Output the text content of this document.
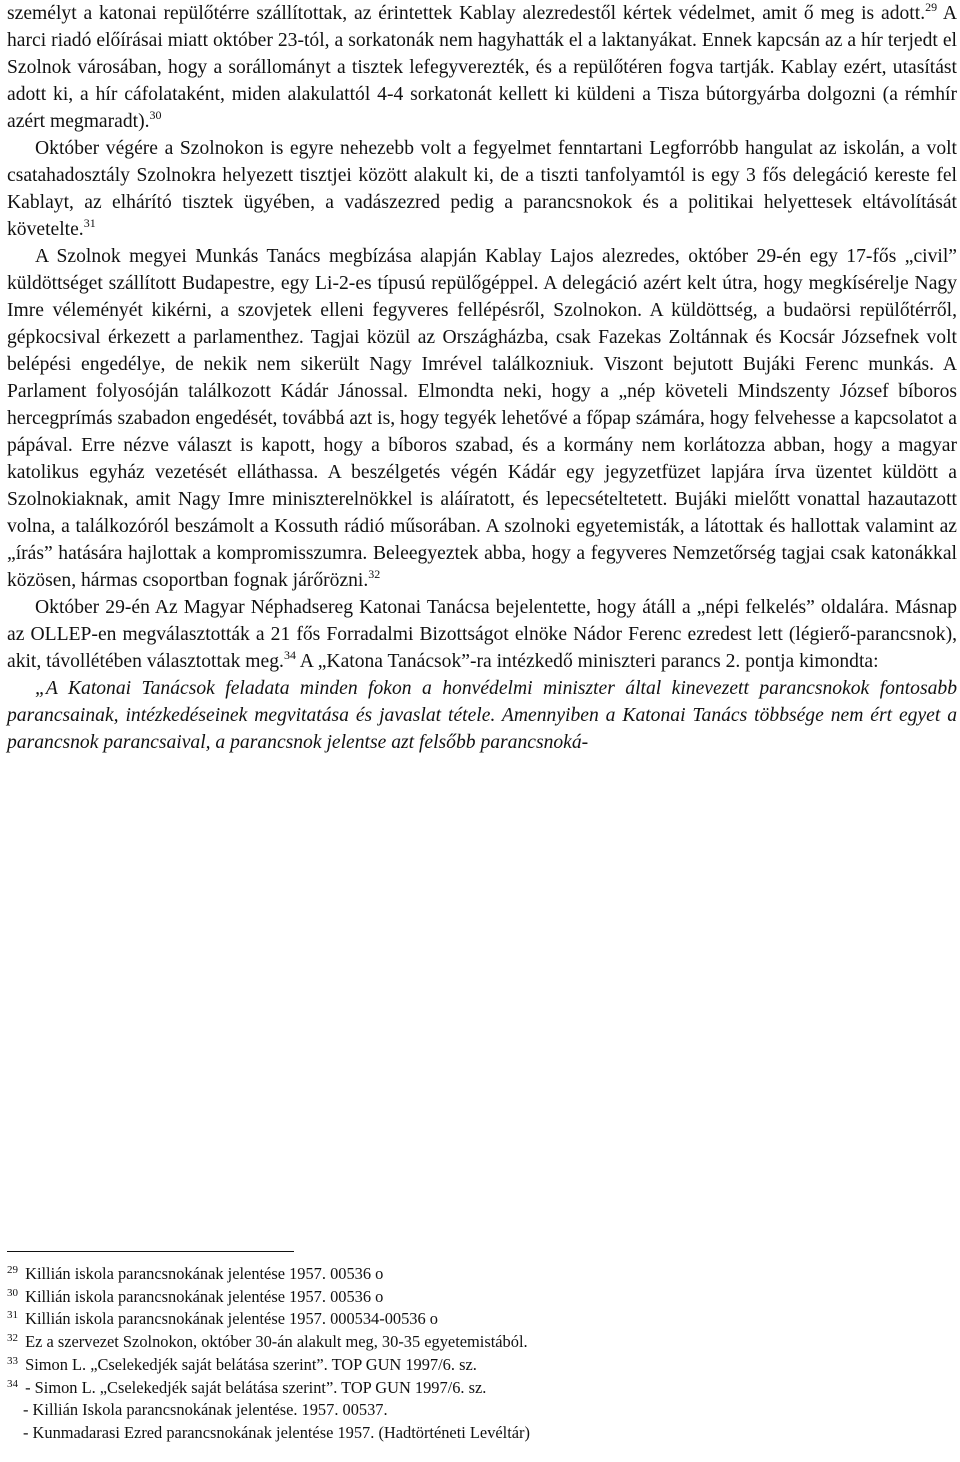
személyt a katonai repülőtérre szállítottak, az érintettek Kablay alezredestől kértek védelmet, amit ő meg is adott.$^{29}$ A harci riadó előírásai miatt október 23-tól, a sorkatonák nem hagyhatták el a laktanyákat. Ennek kapcsán az a hír terjedt el Szolnok városában, hogy a sorállományt a tisztek lefegyverezték, és a repülőtéren fogva tartják. Kablay ezért, utasítást adott ki, a hír cáfolataként, miden alakulattól 4-4 sorkatonát kellett ki küldeni a Tisza bútorgyárba dolgozni (a rémhír azért megmaradt).$^{30}$

Október végére a Szolnokon is egyre nehezebb volt a fegyelmet fenntartani Legforróbb hangulat az iskolán, a volt csatahadosztály Szolnokra helyezett tisztjei között alakult ki, de a tiszti tanfolyamtól is egy 3 fős delegáció kereste fel Kablayt, az elhárító tisztek ügyében, a vadászezred pedig a parancsnokok és a politikai helyettesek eltávolítását követelte.$^{31}$

A Szolnok megyei Munkás Tanács megbízása alapján Kablay Lajos alezredes, október 29-én egy 17-fős „civil” küldöttséget szállított Budapestre, egy Li-2-es típusú repülőgéppel. A delegáció azért kelt útra, hogy megkísérelje Nagy Imre véleményét kikérni, a szovjetek elleni fegyveres fellépésről, Szolnokon. A küldöttség, a budaörsi repülőtérről, gépkocsival érkezett a parlamenthez. Tagjai közül az Országházba, csak Fazekas Zoltánnak és Kocsár Józsefnek volt belépési engedélye, de nekik nem sikerült Nagy Imrével találkozniuk. Viszont bejutott Bujáki Ferenc munkás. A Parlament folyosóján találkozott Kádár Jánossal. Elmondta neki, hogy a „nép követeli Mindszenty József bíboros hercegprímás szabadon engedését, továbbá azt is, hogy tegyék lehetővé a főpap számára, hogy felvehesse a kapcsolatot a pápával. Erre nézve választ is kapott, hogy a bíboros szabad, és a kormány nem korlátozza abban, hogy a magyar katolikus egyház vezetését elláthassa. A beszélgetés végén Kádár egy jegyzetfüzet lapjára írva üzentet küldött a Szolnokiaknak, amit Nagy Imre miniszterelnökkel is aláíratott, és lepecsételtetett. Bujáki mielőtt vonattal hazautazott volna, a találkozóról beszámolt a Kossuth rádió műsorában. A szolnoki egyetemisták, a látottak és hallottak valamint az „írás” hatására hajlottak a kompromisszumra. Beleegyeztek abba, hogy a fegyveres Nemzetőrség tagjai csak katonákkal közösen, hármas csoportban fognak járőrözni.$^{32}$

Október 29-én Az Magyar Néphadsereg Katonai Tanácsa bejelentette, hogy átáll a „népi felkelés” oldalára. Másnap az OLLEP-en megválasztották a 21 fős Forradalmi Bizottságot elnöke Nádor Ferenc ezredest lett (légierő-parancsnok), akit, távollétében választottak meg.$^{34}$ A „Katona Tanácsok”-ra intézkedő miniszteri parancs 2. pontja kimondta:

„A Katonai Tanácsok feladata minden fokon a honvédelmi miniszter által kinevezett parancsnokok fontosabb parancsainak, intézkedéseinek megvitatása és javaslat tétele. Amennyiben a Katonai Tanács többsége nem ért egyet a parancsnok parancsaival, a parancsnok jelentse azt felsőbb parancsnoká-

29 Killián iskola parancsnokának jelentése 1957. 00536 o
30 Killián iskola parancsnokának jelentése 1957. 00536 o
31 Killián iskola parancsnokának jelentése 1957. 000534-00536 o
32 Ez a szervezet Szolnokon, október 30-án alakult meg, 30-35 egyetemistából.
33 Simon L. „Cselekedjék saját belátása szerint”. TOP GUN 1997/6. sz.
34 - Simon L. „Cselekedjék saját belátása szerint”. TOP GUN 1997/6. sz.
- Killián Iskola parancsnokának jelentése. 1957. 00537.
- Kunmadarasi Ezred parancsnokának jelentése 1957. (Hadtörténeti Levéltár)
